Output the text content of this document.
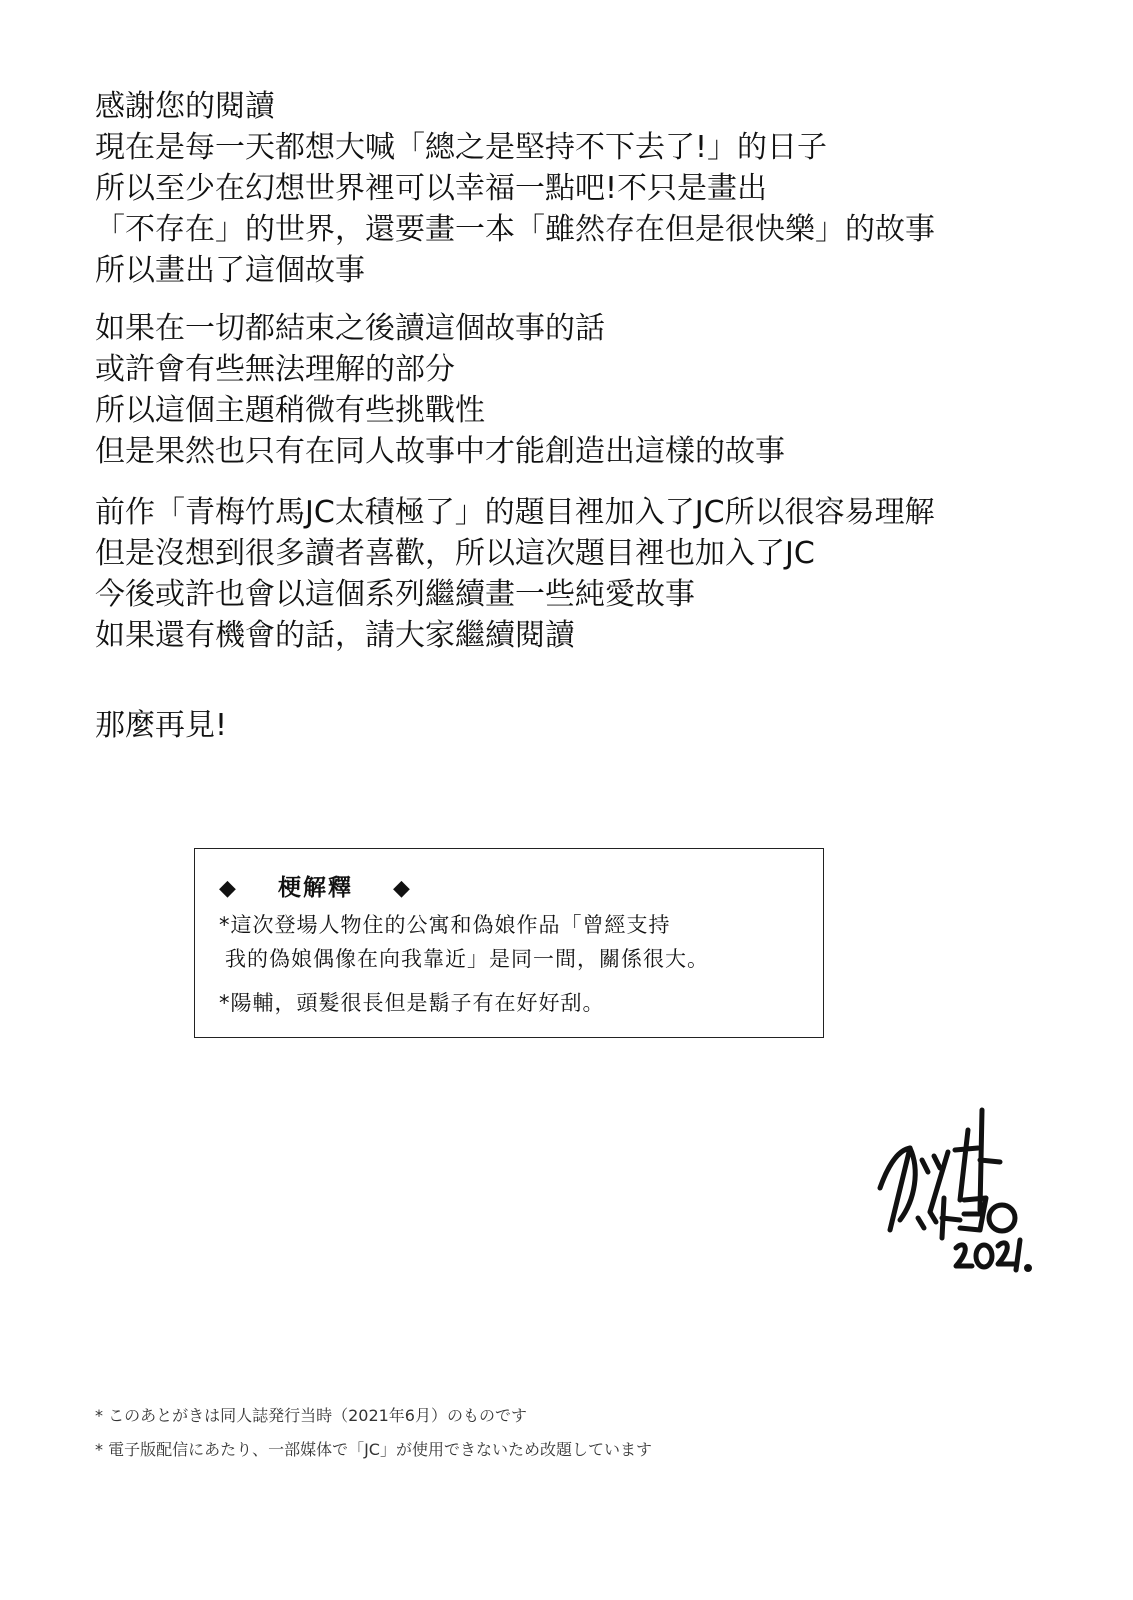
感謝您的閱讀
現在是每一天都想大喊「總之是堅持不下去了!」的日子
所以至少在幻想世界裡可以幸福一點吧!不只是畫出
「不存在」的世界，還要畫一本「雖然存在但是很快樂」的故事
所以畫出了這個故事
如果在一切都結束之後讀這個故事的話
或許會有些無法理解的部分
所以這個主題稍微有些挑戰性
但是果然也只有在同人故事中才能創造出這樣的故事
前作「青梅竹馬JC太積極了」的題目裡加入了JC所以很容易理解
但是沒想到很多讀者喜歡，所以這次題目裡也加入了JC
今後或許也會以這個系列繼續畫一些純愛故事
如果還有機會的話，請大家繼續閱讀
那麼再見!
◆ 梗解釋 ◆
*這次登場人物住的公寓和偽娘作品「曾經支持
我的偽娘偶像在向我靠近」是同一間，關係很大。
*陽輔，頭髮很長但是鬍子有在好好刮。
* このあとがきは同人誌発行当時（2021年6月）のものです
* 電子版配信にあたり、一部媒体で「JC」が使用できないため改題しています
